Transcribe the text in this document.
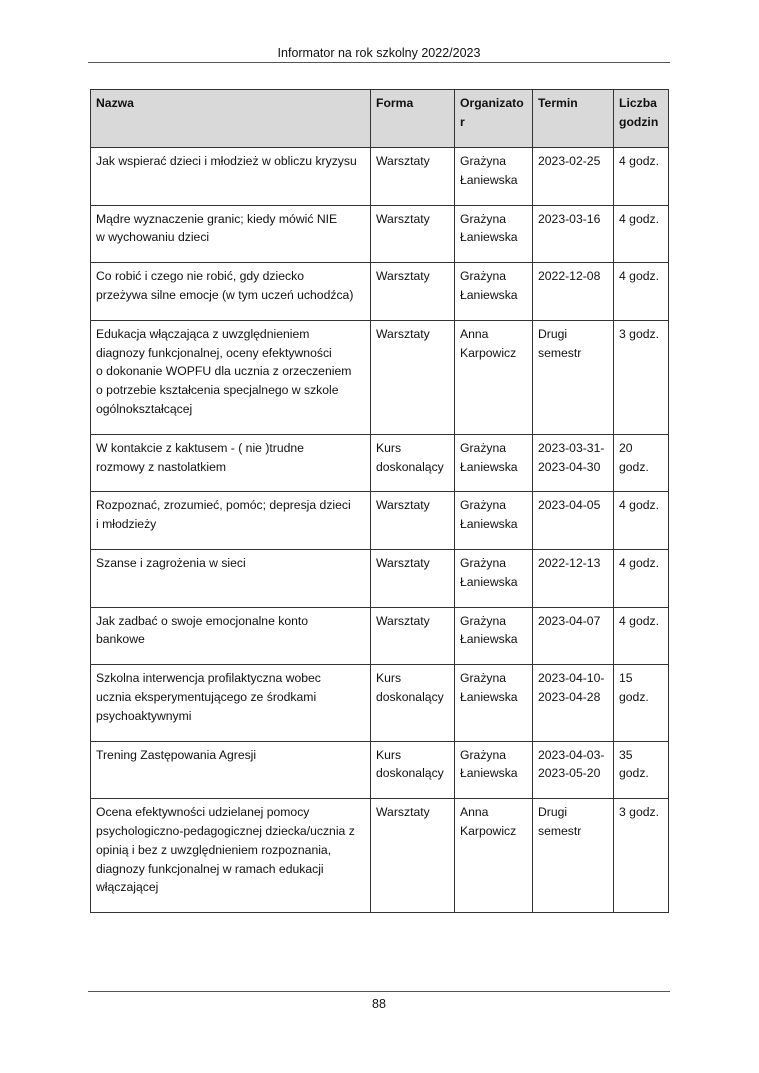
Informator na rok szkolny 2022/2023
Nazwa	Forma	Organizator	Termin	Liczba
godzin
Jak wspierać dzieci i młodzież w obliczu kryzysu	Warsztaty	Grażyna
Łaniewska	2023-02-25	4 godz.
Mądre wyznaczenie granic; kiedy mówić NIE
w wychowaniu dzieci	Warsztaty	Grażyna
Łaniewska	2023-03-16	4 godz.
Co robić i czego nie robić, gdy dziecko
przeżywa silne emocje (w tym uczeń uchodźca)	Warsztaty	Grażyna
Łaniewska	2022-12-08	4 godz.
Edukacja włączająca z uwzględnieniem
diagnozy funkcjonalnej, oceny efektywności
o dokonanie WOPFU dla ucznia z orzeczeniem
o potrzebie kształcenia specjalnego w szkole
ogólnokształcącej	Warsztaty	Anna
Karpowicz	Drugi
semestr	3 godz.
W kontakcie z kaktusem - ( nie )trudne
rozmowy z nastolatkiem	Kurs
doskonalący	Grażyna
Łaniewska	2023-03-31-
2023-04-30	20
godz.
Rozpoznać, zrozumieć, pomóc; depresja dzieci
i młodzieży	Warsztaty	Grażyna
Łaniewska	2023-04-05	4 godz.
Szanse i zagrożenia w sieci	Warsztaty	Grażyna
Łaniewska	2022-12-13	4 godz.
Jak zadbać o swoje emocjonalne konto
bankowe	Warsztaty	Grażyna
Łaniewska	2023-04-07	4 godz.
Szkolna interwencja profilaktyczna wobec
ucznia eksperymentującego ze środkami
psychoaktywnymi	Kurs
doskonalący	Grażyna
Łaniewska	2023-04-10-
2023-04-28	15
godz.
Trening Zastępowania Agresji	Kurs
doskonalący	Grażyna
Łaniewska	2023-04-03-
2023-05-20	35
godz.
Ocena efektywności udzielanej pomocy
psychologiczno-pedagogicznej dziecka/ucznia z
opinią i bez z uwzględnieniem rozpoznania,
diagnozy funkcjonalnej w ramach edukacji
włączającej	Warsztaty	Anna
Karpowicz	Drugi
semestr	3 godz.
88
